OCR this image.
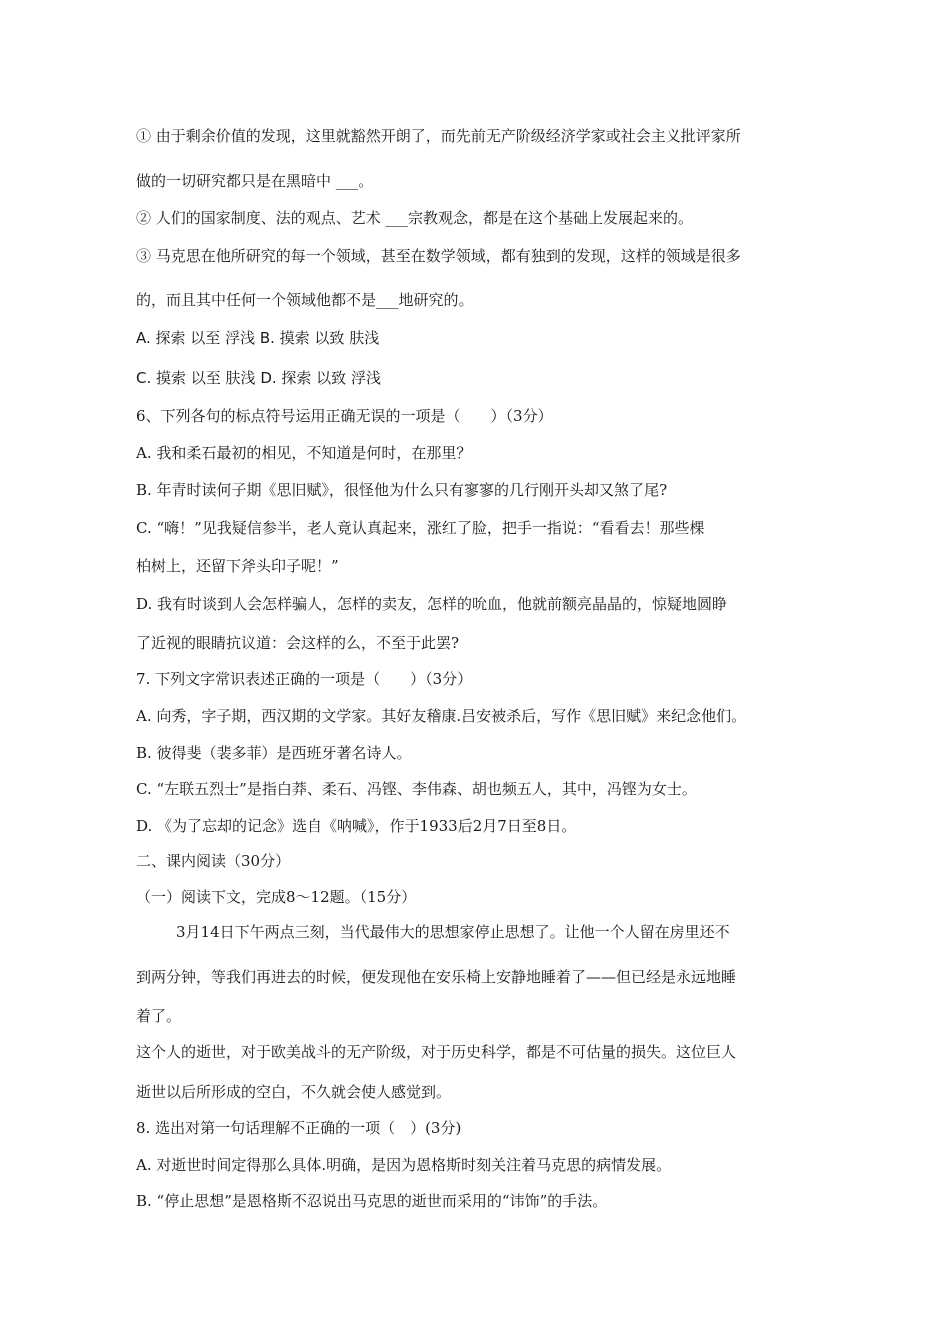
① 由于剩余价值的发现，这里就豁然开朗了，而先前无产阶级经济学家或社会主义批评家所
做的一切研究都只是在黑暗中 ___。
② 人们的国家制度、法的观点、艺术 ___宗教观念，都是在这个基础上发展起来的。
③ 马克思在他所研究的每一个领域，甚至在数学领域，都有独到的发现，这样的领域是很多
的，而且其中任何一个领域他都不是___地研究的。
A. 探索 以至 浮浅 B. 摸索 以致 肤浅
C. 摸索 以至 肤浅 D. 探索 以致 浮浅
6、下列各句的标点符号运用正确无误的一项是（　　）（3分）
A. 我和柔石最初的相见，不知道是何时，在那里？
B. 年青时读何子期《思旧赋》，很怪他为什么只有寥寥的几行刚开头却又煞了尾?
C. “嗨！”见我疑信参半，老人竟认真起来，涨红了脸，把手一指说：“看看去！那些棵
柏树上，还留下斧头印子呢！”
D. 我有时谈到人会怎样骗人，怎样的卖友，怎样的吮血，他就前额亮晶晶的，惊疑地圆睁
了近视的眼睛抗议道：会这样的么，不至于此罢?
7. 下列文字常识表述正确的一项是（　　）（3分）
A. 向秀，字子期，西汉期的文学家。其好友稽康.吕安被杀后，写作《思旧赋》来纪念他们。
B. 彼得斐（裴多菲）是西班牙著名诗人。
C. “左联五烈士”是指白莽、柔石、冯铿、李伟森、胡也频五人，其中，冯铿为女士。
D. 《为了忘却的记念》选自《呐喊》，作于1933后2月7日至8日。
二、课内阅读（30分）
（一）阅读下文，完成8～12题。（15分）
3月14日下午两点三刻，当代最伟大的思想家停止思想了。让他一个人留在房里还不
到两分钟，等我们再进去的时候，便发现他在安乐椅上安静地睡着了——但已经是永远地睡
着了。
这个人的逝世，对于欧美战斗的无产阶级，对于历史科学，都是不可估量的损失。这位巨人
逝世以后所形成的空白，不久就会使人感觉到。
8. 选出对第一句话理解不正确的一项（　）(3分)
A. 对逝世时间定得那么具体.明确，是因为恩格斯时刻关注着马克思的病情发展。
B. “停止思想”是恩格斯不忍说出马克思的逝世而采用的“讳饰”的手法。
